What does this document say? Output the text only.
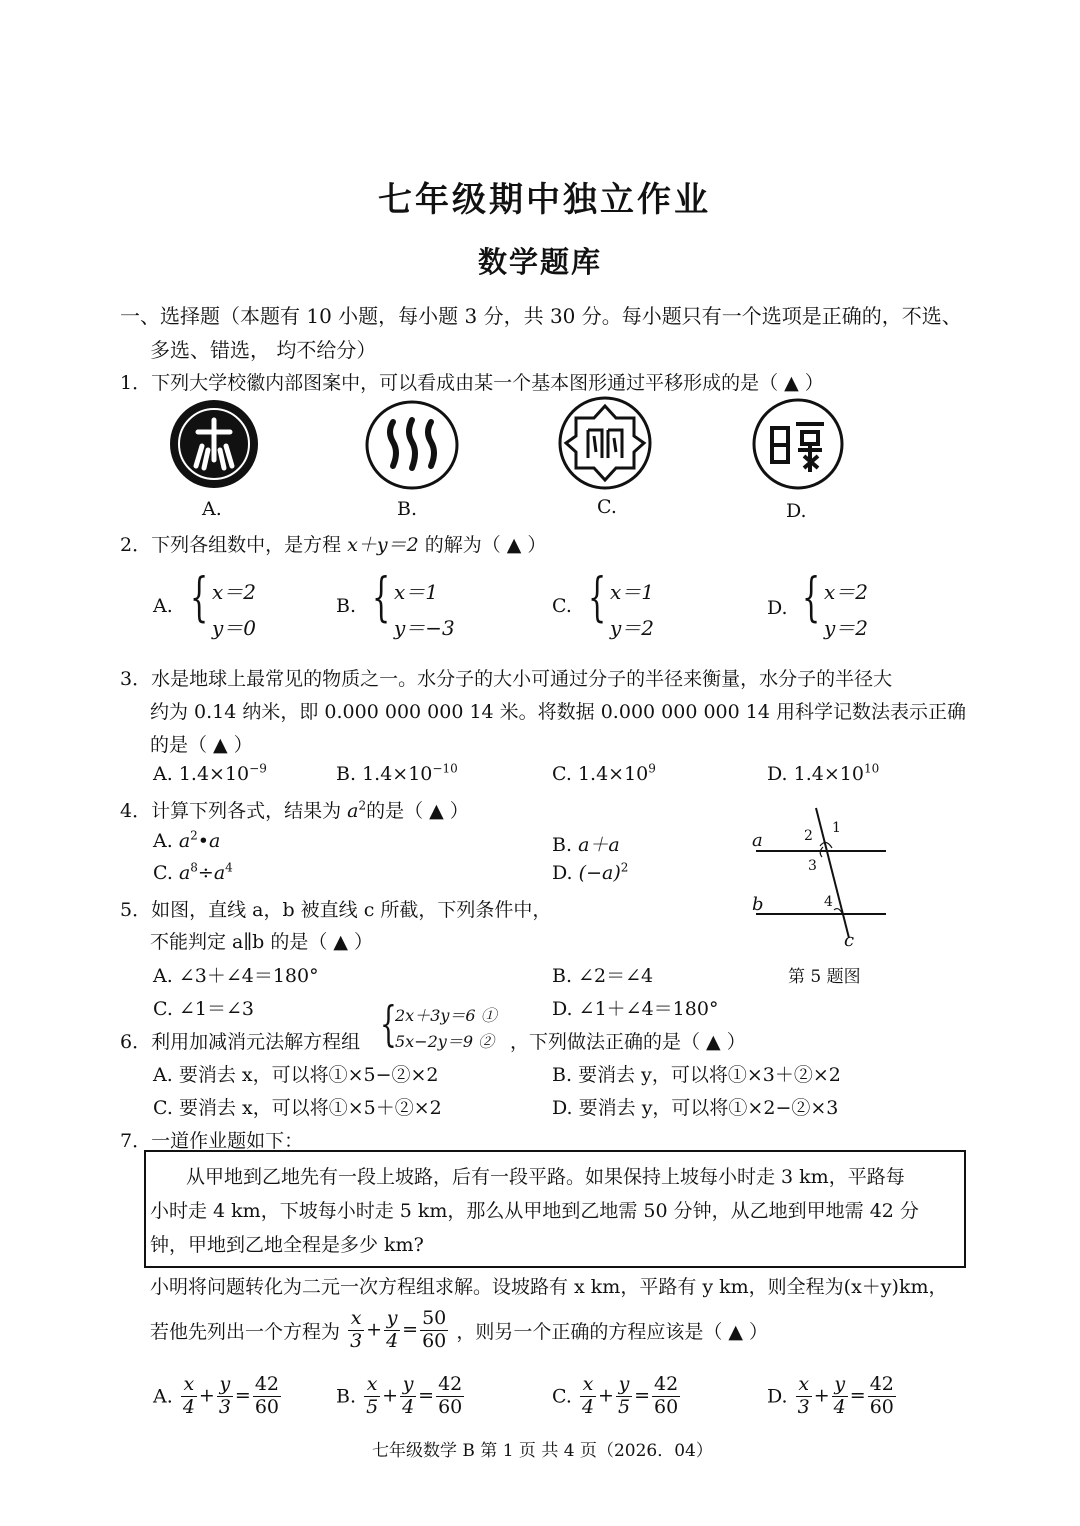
七年级期中独立作业
数学题库
一、选择题（本题有 10 小题，每小题 3 分，共 30 分。每小题只有一个选项是正确的，不选、
多选、错选， 均不给分）
1．下列大学校徽内部图案中，可以看成由某一个基本图形通过平移形成的是（ ▲ ）
A.	B.	C.	D.
2．下列各组数中，是方程 x＋y＝2 的解为（ ▲ ）
A. { x＝2
y＝0
B. { x＝1
y＝−3
C. { x＝1
y＝2
D. { x＝2
y＝2
3．水是地球上最常见的物质之一。水分子的大小可通过分子的半径来衡量，水分子的半径大
约为 0.14 纳米，即 0.000 000 000 14 米。将数据 0.000 000 000 14 用科学记数法表示正确
的是（ ▲ ）
A. $1.4\times 10^{-9}$	B. $1.4\times 10^{-10}$	C. $1.4\times 10^9$	D. $1.4\times 10^{10}$
4．计算下列各式，结果为 $a^2$的是（ ▲ ）
A. $a^2•a$	B. a＋a
C. $a^8\div a^4$	D. $(-a)^2$
a
b
c
1
2
3
4
第 5 题图
5．如图，直线 a，b 被直线 c 所截，下列条件中，
不能判定 a∥b 的是（ ▲ ）
A. ∠3＋∠4＝180°	B. ∠2＝∠4
C. ∠1＝∠3	D. ∠1＋∠4＝180°
6．利用加减消元法解方程组 {
2x＋3y＝6 ①
5x−2y＝9 ② ，下列做法正确的是（ ▲ ）
A. 要消去 x，可以将①×5−②×2	B. 要消去 y，可以将①×3＋②×2
C. 要消去 x，可以将①×5＋②×2	D. 要消去 y，可以将①×2−②×3
7．一道作业题如下：
从甲地到乙地先有一段上坡路，后有一段平路。如果保持上坡每小时走 3 km，平路每
小时走 4 km，下坡每小时走 5 km，那么从甲地到乙地需 50 分钟，从乙地到甲地需 42 分
钟，甲地到乙地全程是多少 km?
小明将问题转化为二元一次方程组求解。设坡路有 x km，平路有 y km，则全程为(x＋y)km，
若他先列出一个方程为 $\frac{x}{3} + \frac{y}{4} = \frac{50}{60}$ ，则另一个正确的方程应该是（ ▲ ）
A. $\frac{x}{4} + \frac{y}{3} = \frac{42}{60}$	B. $\frac{x}{5} + \frac{y}{4} = \frac{42}{60}$	C. $\frac{x}{4} + \frac{y}{5} = \frac{42}{60}$	D. $\frac{x}{3} + \frac{y}{4} = \frac{42}{60}$
七年级数学 B 第 1 页 共 4 页（2026．04）
